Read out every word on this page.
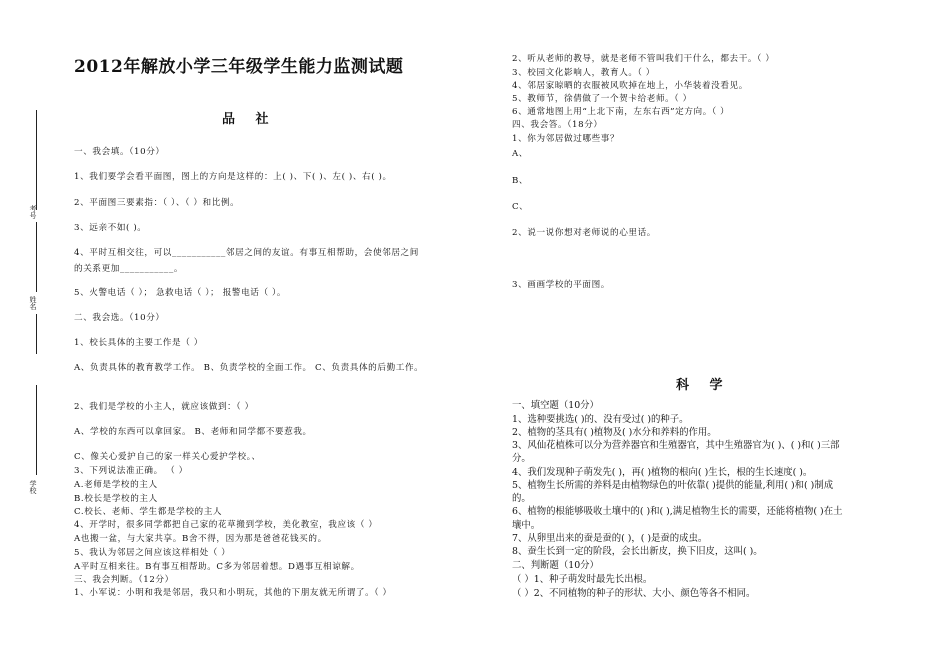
考号
姓名
学校
2012年解放小学三年级学生能力监测试题
品 社
一、我会填。（10分）
1、我们要学会看平面图，图上的方向是这样的：上( )、下( )、左( )、右( )。
2、平面图三要素指：（ ）、（ ）和比例。
3、远亲不如( )。
4、平时互相交往，可以___________邻居之间的友谊。有事互相帮助，会使邻居之间
的关系更加___________。
5、火警电话（ ）； 急救电话（ ）； 报警电话（ ）。
二、我会选。（10分）
1、校长具体的主要工作是（ ）
A、负责具体的教育教学工作。 B、负责学校的全面工作。 C、负责具体的后勤工作。
2、我们是学校的小主人，就应该做到：（ ）
A、学校的东西可以拿回家。 B、老师和同学都不要惹我。
C、像关心爱护自己的家一样关心爱护学校。、
3、下列说法准正确。 （ ）
A.老师是学校的主人
B.校长是学校的主人
C.校长、老师、学生都是学校的主人
4、开学时，很多同学都把自己家的花草搬到学校，美化教室，我应该（ ）
A也搬一盆，与大家共享。B舍不得，因为那是爸爸花钱买的。
5、我认为邻居之间应该这样相处（ ）
A平时互相来往。B有事互相帮助。C多为邻居着想。D遇事互相谅解。
三、我会判断。（12分）
1、小军说：小明和我是邻居，我只和小明玩，其他的下朋友就无所谓了。（ ）
2、听从老师的教导，就是老师不管叫我们干什么，都去干。（ ）
3、校园文化影响人，教育人。（ ）
4、邻居家晾晒的衣服被风吹掉在地上，小华装着没看见。
5、教师节，徐倩做了一个贺卡给老师。（ ）
6、通常地图上用“上北下南，左东右西”定方向。（ ）
四、我会答。（18分）
1、你为邻居做过哪些事？
A、
B、
C、
2、说一说你想对老师说的心里话。
3、画画学校的平面图。
科 学
一、填空题（10分）
1、选种要挑选( )的、没有受过( )的种子。
2、植物的茎具有( )植物及( )水分和养料的作用。
3、风仙花植株可以分为营养器官和生殖器官，其中生殖器官为( )、( )和( )三部
分。
4、我们发现种子萌发先( )，再( )植物的根向( )生长，根的生长速度( )。
5、植物生长所需的养料是由植物绿色的叶依靠( )提供的能量,利用( )和( )制成
的。
6、植物的根能够吸收土壤中的( )和( ),满足植物生长的需要，还能将植物( )在土
壤中。
7、从卵里出来的蚕是蚕的( )，( )是蚕的成虫。
8、蚕生长到一定的阶段，会长出新皮，换下旧皮，这叫( )。
二、判断题（10分）
（ ）1、种子萌发时最先长出根。
（ ）2、不同植物的种子的形状、大小、颜色等各不相同。
